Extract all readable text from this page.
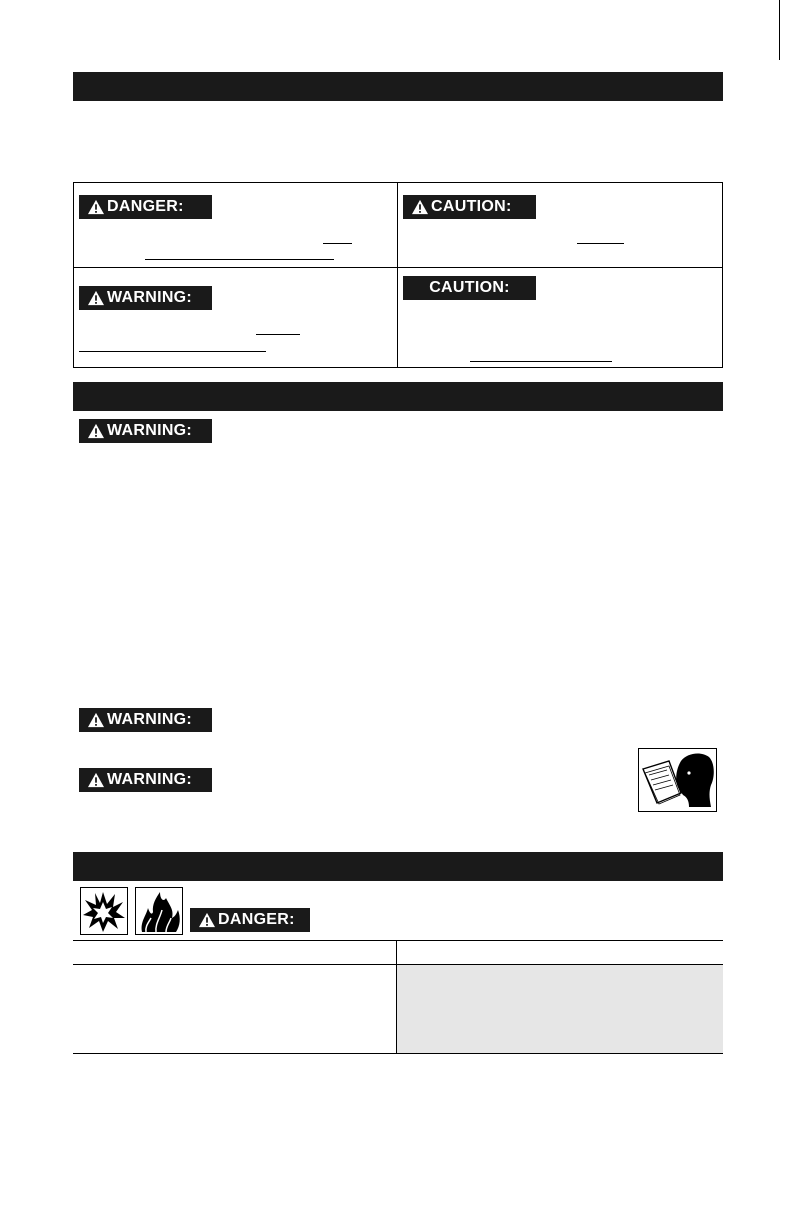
DANGER:	CAUTION:
WARNING:
CAUTION:
WARNING:
WARNING:
WARNING:
DANGER:
